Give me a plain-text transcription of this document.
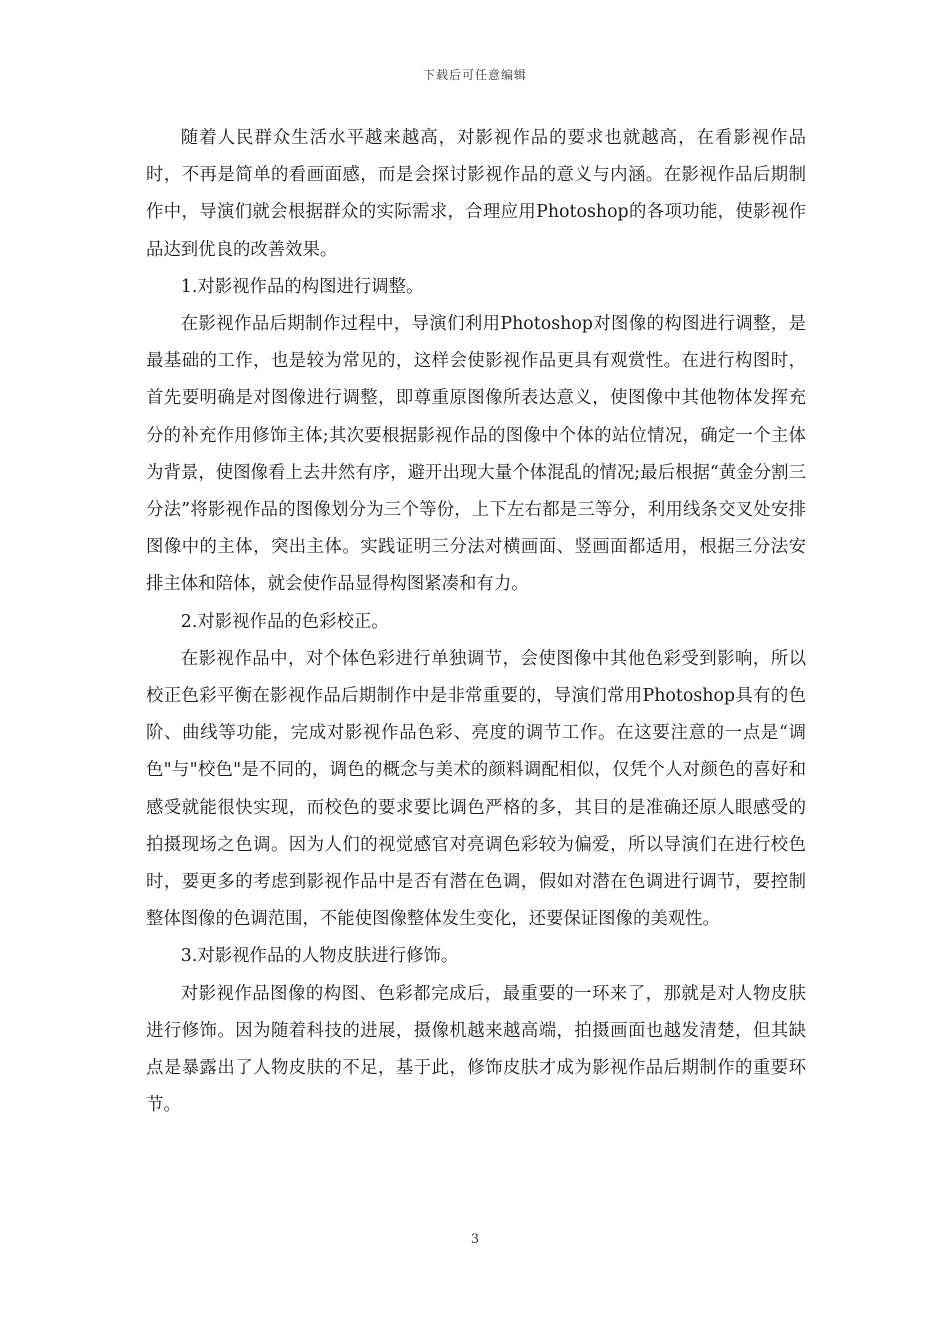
下载后可任意编辑

随着人民群众生活水平越来越高，对影视作品的要求也就越高，在看影视作品时，不再是简单的看画面感，而是会探讨影视作品的意义与内涵。在影视作品后期制作中，导演们就会根据群众的实际需求，合理应用Photoshop的各项功能，使影视作品达到优良的改善效果。

1.对影视作品的构图进行调整。

在影视作品后期制作过程中，导演们利用Photoshop对图像的构图进行调整，是最基础的工作，也是较为常见的，这样会使影视作品更具有观赏性。在进行构图时，首先要明确是对图像进行调整，即尊重原图像所表达意义，使图像中其他物体发挥充分的补充作用修饰主体;其次要根据影视作品的图像中个体的站位情况，确定一个主体为背景，使图像看上去井然有序，避开出现大量个体混乱的情况;最后根据“黄金分割三分法”将影视作品的图像划分为三个等份，上下左右都是三等分，利用线条交叉处安排图像中的主体，突出主体。实践证明三分法对横画面、竖画面都适用，根据三分法安排主体和陪体，就会使作品显得构图紧凑和有力。

2.对影视作品的色彩校正。

在影视作品中，对个体色彩进行单独调节，会使图像中其他色彩受到影响，所以校正色彩平衡在影视作品后期制作中是非常重要的，导演们常用Photoshop具有的色阶、曲线等功能，完成对影视作品色彩、亮度的调节工作。在这要注意的一点是“调色"与"校色"是不同的，调色的概念与美术的颜料调配相似，仅凭个人对颜色的喜好和感受就能很快实现，而校色的要求要比调色严格的多，其目的是准确还原人眼感受的拍摄现场之色调。因为人们的视觉感官对亮调色彩较为偏爱，所以导演们在进行校色时，要更多的考虑到影视作品中是否有潜在色调，假如对潜在色调进行调节，要控制整体图像的色调范围，不能使图像整体发生变化，还要保证图像的美观性。

3.对影视作品的人物皮肤进行修饰。

对影视作品图像的构图、色彩都完成后，最重要的一环来了，那就是对人物皮肤进行修饰。因为随着科技的进展，摄像机越来越高端，拍摄画面也越发清楚，但其缺点是暴露出了人物皮肤的不足，基于此，修饰皮肤才成为影视作品后期制作的重要环节。

3
